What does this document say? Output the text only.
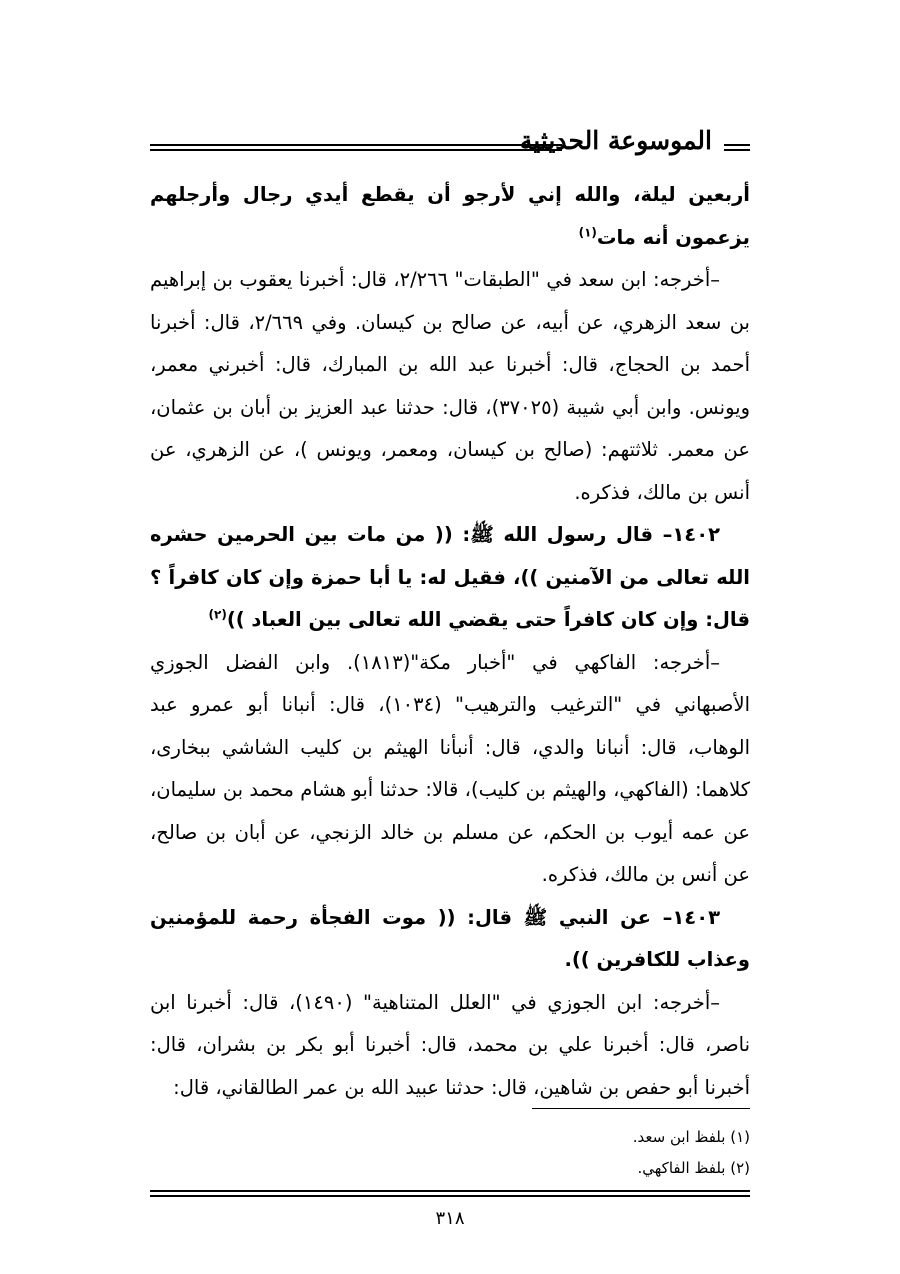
الموسوعة الحديثية

أربعين ليلة، والله إني لأرجو أن يقطع أيدي رجال وأرجلهم يزعمون أنه مات$^{(١)}$

–أخرجه: ابن سعد في "الطبقات" ٢/٢٦٦، قال: أخبرنا يعقوب بن إبراهيم بن سعد الزهري، عن أبيه، عن صالح بن كيسان. وفي ٢/٦٦٩، قال: أخبرنا أحمد بن الحجاج، قال: أخبرنا عبد الله بن المبارك، قال: أخبرني معمر، ويونس. وابن أبي شيبة (٣٧٠٢٥)، قال: حدثنا عبد العزيز بن أبان بن عثمان، عن معمر. ثلاثتهم: (صالح بن كيسان، ومعمر، ويونس )، عن الزهري، عن أنس بن مالك، فذكره.

١٤٠٢– قال رسول الله ﷺ: (( من مات بين الحرمين حشره الله تعالى من الآمنين ))، فقيل له: يا أبا حمزة وإن كان كافراً ؟ قال: وإن كان كافراً حتى يقضي الله تعالى بين العباد ))$^{(٢)}$

–أخرجه: الفاكهي في "أخبار مكة"(١٨١٣). وابن الفضل الجوزي الأصبهاني في "الترغيب والترهيب" (١٠٣٤)، قال: أنبانا أبو عمرو عبد الوهاب، قال: أنبانا والدي، قال: أنبأنا الهيثم بن كليب الشاشي ببخارى، كلاهما: (الفاكهي، والهيثم بن كليب)، قالا: حدثنا أبو هشام محمد بن سليمان، عن عمه أيوب بن الحكم، عن مسلم بن خالد الزنجي، عن أبان بن صالح، عن أنس بن مالك، فذكره.

١٤٠٣– عن النبي ﷺ قال: (( موت الفجأة رحمة للمؤمنين وعذاب للكافرين )).

–أخرجه: ابن الجوزي في "العلل المتناهية" (١٤٩٠)، قال: أخبرنا ابن ناصر، قال: أخبرنا علي بن محمد، قال: أخبرنا أبو بكر بن بشران، قال: أخبرنا أبو حفص بن شاهين، قال: حدثنا عبيد الله بن عمر الطالقاني، قال:

(١) بلفظ ابن سعد.

(٢) بلفظ الفاكهي.

٣١٨
